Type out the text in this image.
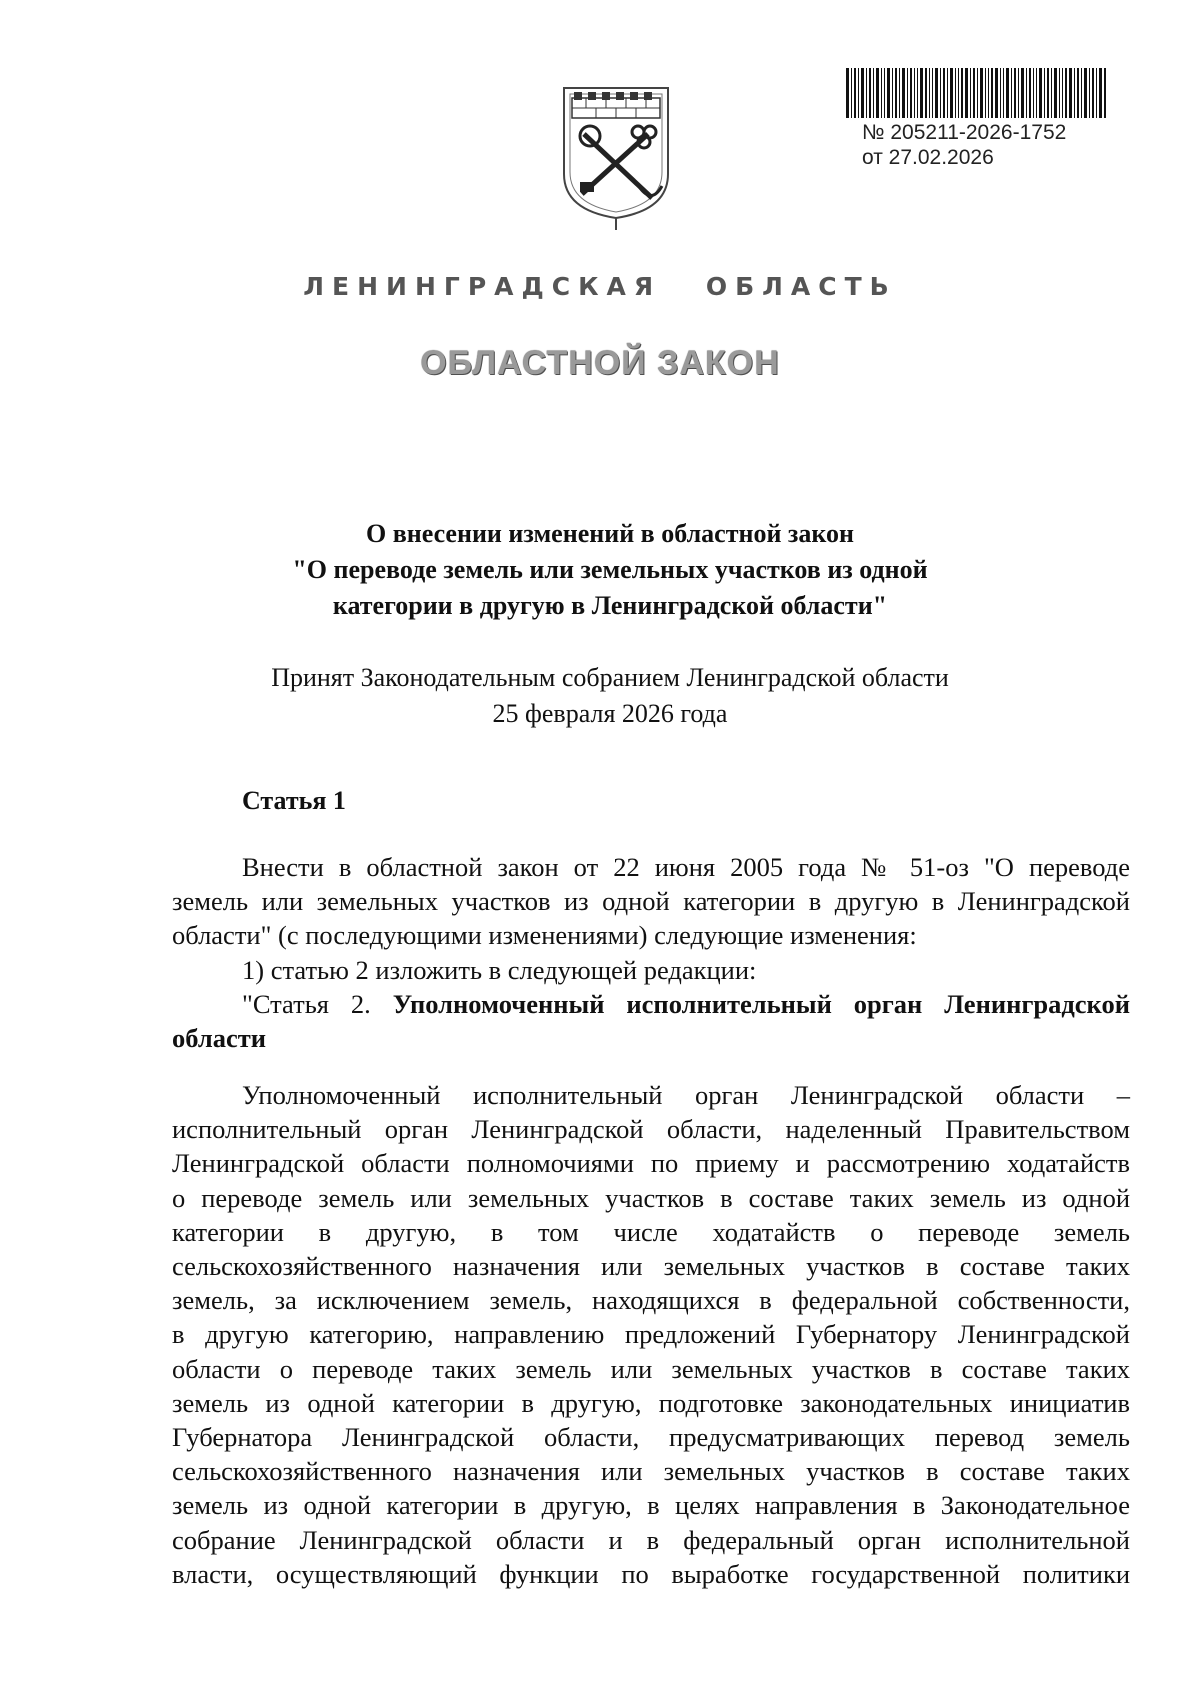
№ 205211-2026-1752
от 27.02.2026
ЛЕНИНГРАДСКАЯ ОБЛАСТЬ
ОБЛАСТНОЙ ЗАКОН
О внесении изменений в областной закон
"О переводе земель или земельных участков из одной
категории в другую в Ленинградской области"
Принят Законодательным собранием Ленинградской области
25 февраля 2026 года
Статья 1
Внести в областной закон от 22 июня 2005 года № 51-оз "О переводе
земель или земельных участков из одной категории в другую в Ленинградской
области" (с последующими изменениями) следующие изменения:
1) статью 2 изложить в следующей редакции:
"Статья 2. Уполномоченный исполнительный орган Ленинградской
области
Уполномоченный исполнительный орган Ленинградской области –
исполнительный орган Ленинградской области, наделенный Правительством
Ленинградской области полномочиями по приему и рассмотрению ходатайств
о переводе земель или земельных участков в составе таких земель из одной
категории в другую, в том числе ходатайств о переводе земель
сельскохозяйственного назначения или земельных участков в составе таких
земель, за исключением земель, находящихся в федеральной собственности,
в другую категорию, направлению предложений Губернатору Ленинградской
области о переводе таких земель или земельных участков в составе таких
земель из одной категории в другую, подготовке законодательных инициатив
Губернатора Ленинградской области, предусматривающих перевод земель
сельскохозяйственного назначения или земельных участков в составе таких
земель из одной категории в другую, в целях направления в Законодательное
собрание Ленинградской области и в федеральный орган исполнительной
власти, осуществляющий функции по выработке государственной политики
